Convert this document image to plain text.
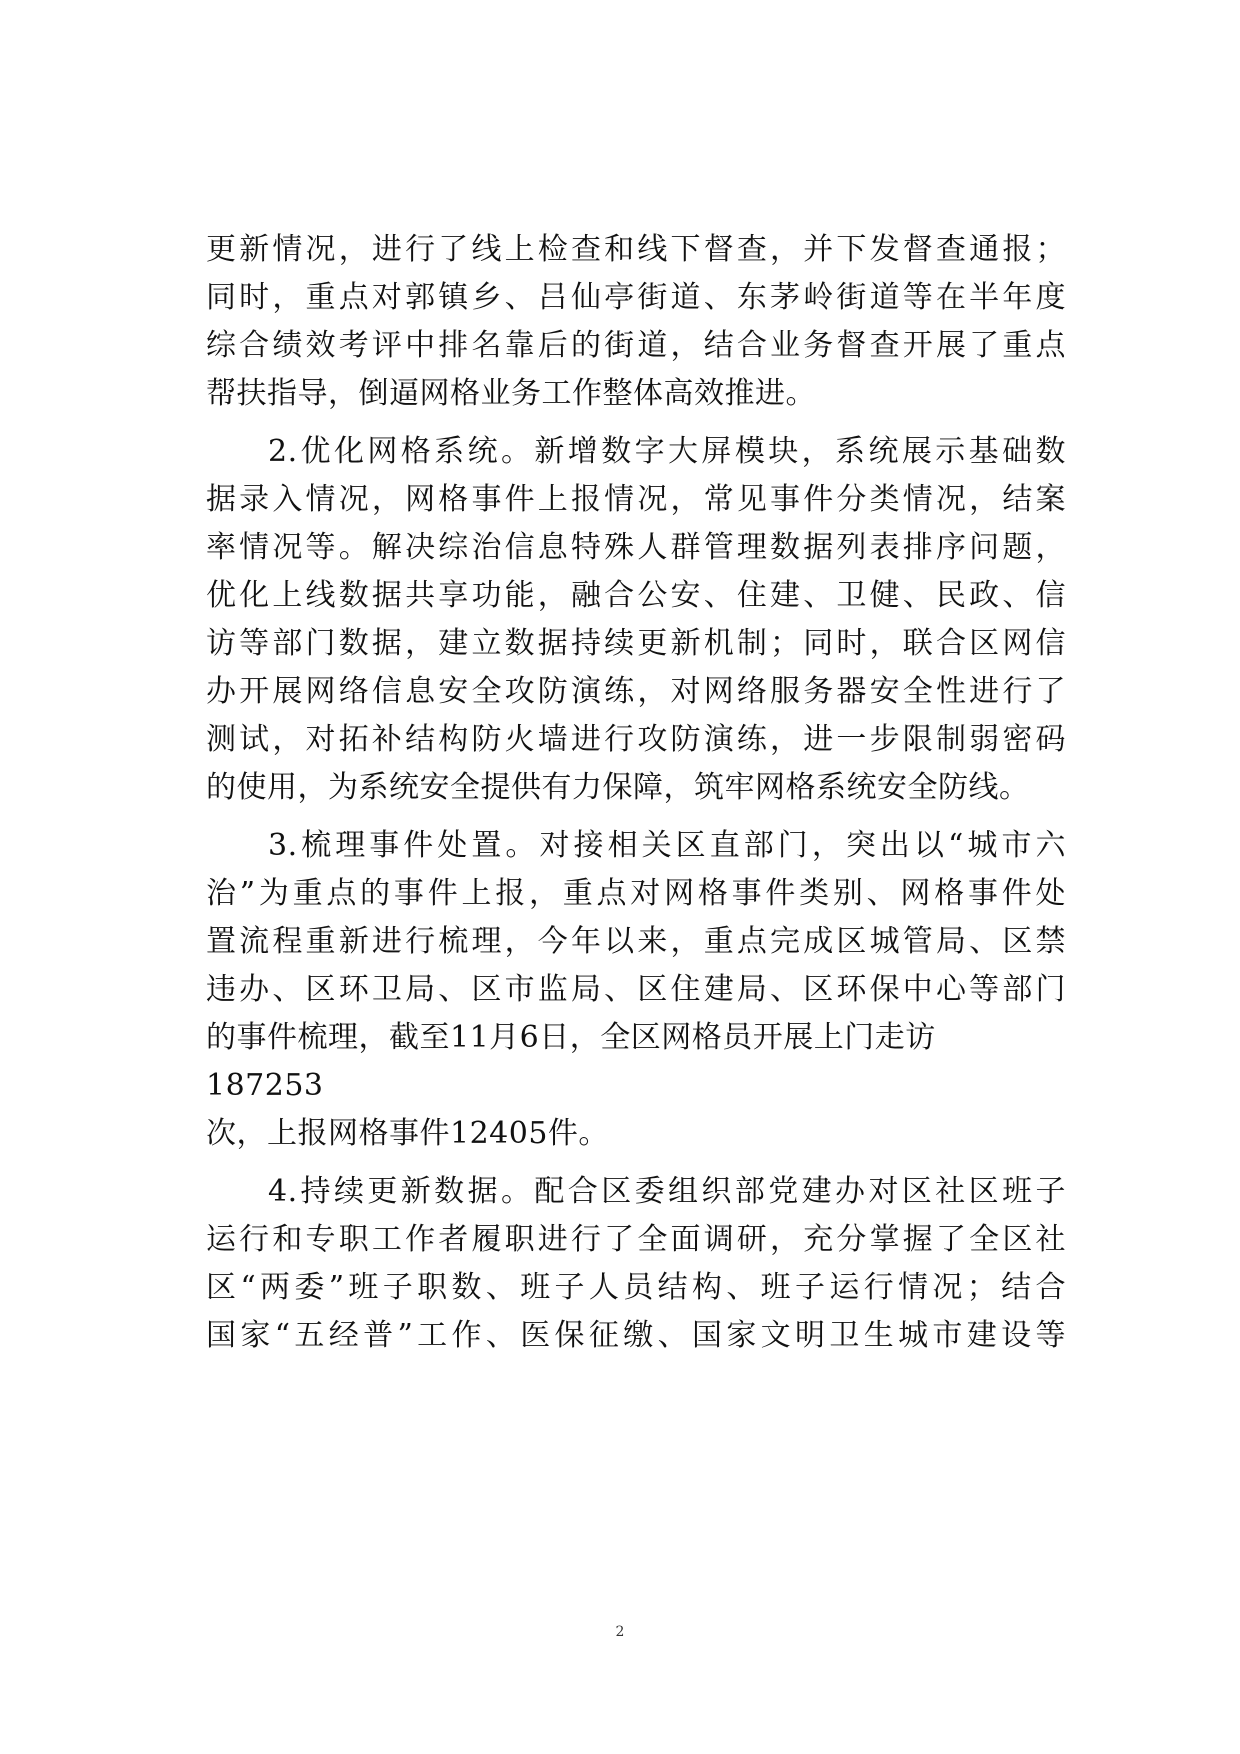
更新情况，进行了线上检查和线下督查，并下发督查通报；
同时，重点对郭镇乡、吕仙亭街道、东茅岭街道等在半年度
综合绩效考评中排名靠后的街道，结合业务督查开展了重点
帮扶指导，倒逼网格业务工作整体高效推进。
2.优化网格系统。新增数字大屏模块，系统展示基础数
据录入情况，网格事件上报情况，常见事件分类情况，结案
率情况等。解决综治信息特殊人群管理数据列表排序问题，
优化上线数据共享功能，融合公安、住建、卫健、民政、信
访等部门数据，建立数据持续更新机制；同时，联合区网信
办开展网络信息安全攻防演练，对网络服务器安全性进行了
测试，对拓补结构防火墙进行攻防演练，进一步限制弱密码
的使用，为系统安全提供有力保障，筑牢网格系统安全防线。
3.梳理事件处置。对接相关区直部门，突出以“城市六
治”为重点的事件上报，重点对网格事件类别、网格事件处
置流程重新进行梳理，今年以来，重点完成区城管局、区禁
违办、区环卫局、区市监局、区住建局、区环保中心等部门
的事件梳理，截至11月6日，全区网格员开展上门走访
187253
次，上报网格事件12405件。
4.持续更新数据。配合区委组织部党建办对区社区班子
运行和专职工作者履职进行了全面调研，充分掌握了全区社
区“两委”班子职数、班子人员结构、班子运行情况；结合
国家“五经普”工作、医保征缴、国家文明卫生城市建设等
2
